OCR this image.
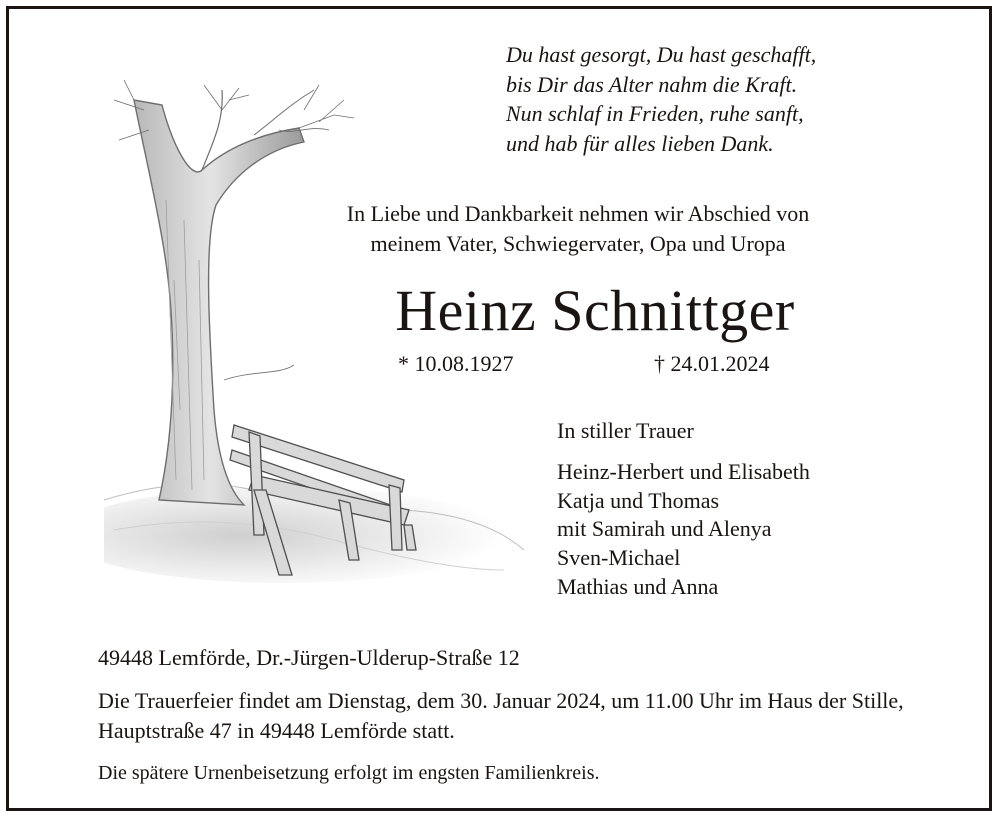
Du hast gesorgt, Du hast geschafft,
bis Dir das Alter nahm die Kraft.
Nun schlaf in Frieden, ruhe sanft,
und hab für alles lieben Dank.
In Liebe und Dankbarkeit nehmen wir Abschied von
meinem Vater, Schwiegervater, Opa und Uropa
Heinz Schnittger
* 10.08.1927	† 24.01.2024
In stiller Trauer
Heinz-Herbert und Elisabeth
Katja und Thomas
mit Samirah und Alenya
Sven-Michael
Mathias und Anna
49448 Lemförde, Dr.-Jürgen-Ulderup-Straße 12
Die Trauerfeier findet am Dienstag, dem 30. Januar 2024, um 11.00 Uhr im Haus der Stille, Hauptstraße 47 in 49448 Lemförde statt.
Die spätere Urnenbeisetzung erfolgt im engsten Familienkreis.
